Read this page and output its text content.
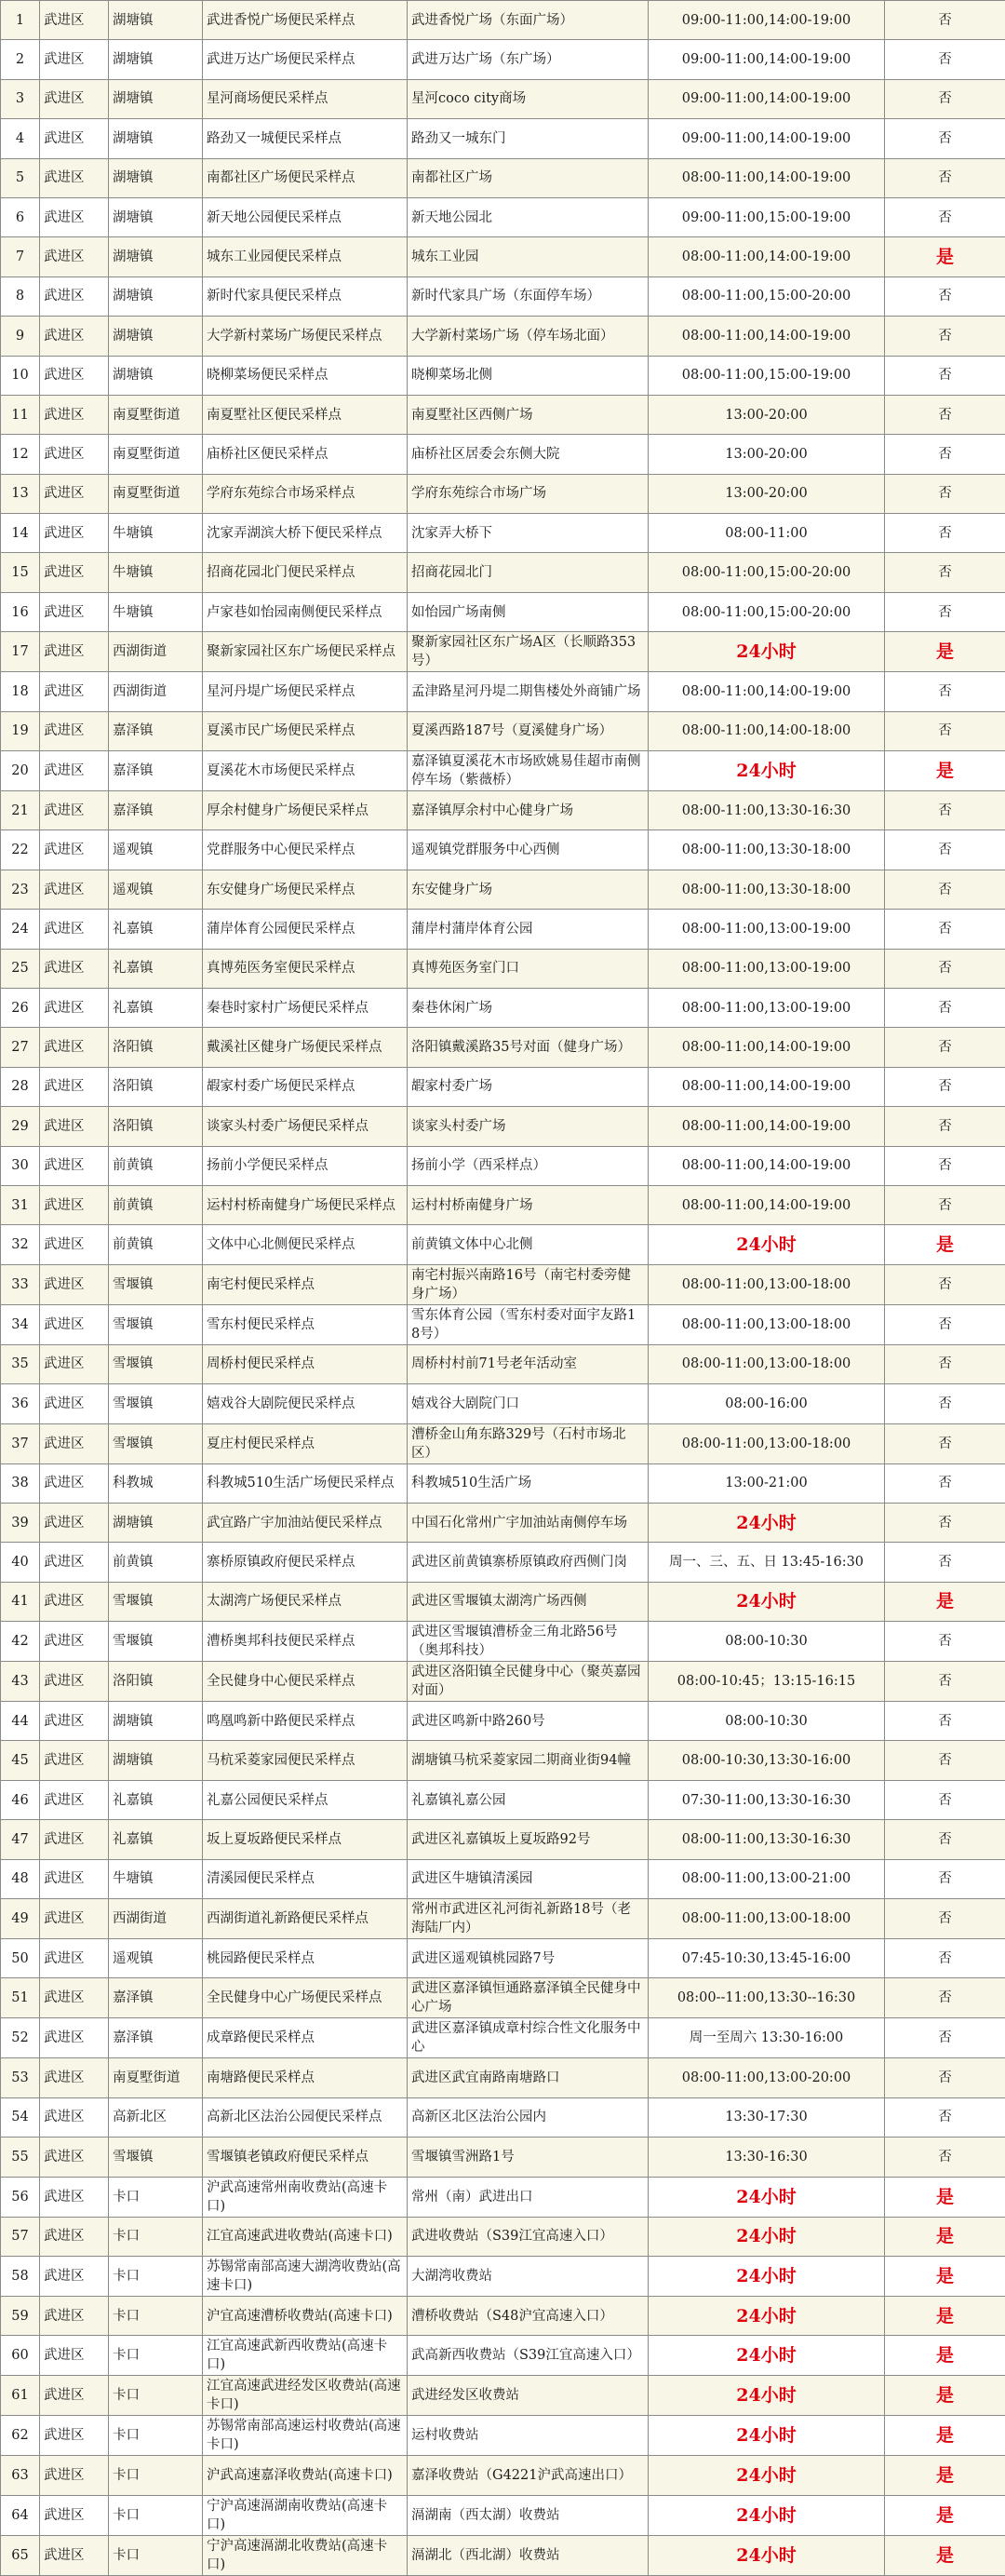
1	武进区	湖塘镇	武进香悦广场便民采样点	武进香悦广场（东面广场）	09:00-11:00,14:00-19:00	否
2	武进区	湖塘镇	武进万达广场便民采样点	武进万达广场（东广场）	09:00-11:00,14:00-19:00	否
3	武进区	湖塘镇	星河商场便民采样点	星河coco city商场	09:00-11:00,14:00-19:00	否
4	武进区	湖塘镇	路劲又一城便民采样点	路劲又一城东门	09:00-11:00,14:00-19:00	否
5	武进区	湖塘镇	南都社区广场便民采样点	南都社区广场	08:00-11:00,14:00-19:00	否
6	武进区	湖塘镇	新天地公园便民采样点	新天地公园北	09:00-11:00,15:00-19:00	否
7	武进区	湖塘镇	城东工业园便民采样点	城东工业园	08:00-11:00,14:00-19:00	是
8	武进区	湖塘镇	新时代家具便民采样点	新时代家具广场（东面停车场）	08:00-11:00,15:00-20:00	否
9	武进区	湖塘镇	大学新村菜场广场便民采样点	大学新村菜场广场（停车场北面）	08:00-11:00,14:00-19:00	否
10	武进区	湖塘镇	晓柳菜场便民采样点	晓柳菜场北侧	08:00-11:00,15:00-19:00	否
11	武进区	南夏墅街道	南夏墅社区便民采样点	南夏墅社区西侧广场	13:00-20:00	否
12	武进区	南夏墅街道	庙桥社区便民采样点	庙桥社区居委会东侧大院	13:00-20:00	否
13	武进区	南夏墅街道	学府东苑综合市场采样点	学府东苑综合市场广场	13:00-20:00	否
14	武进区	牛塘镇	沈家弄湖滨大桥下便民采样点	沈家弄大桥下	08:00-11:00	否
15	武进区	牛塘镇	招商花园北门便民采样点	招商花园北门	08:00-11:00,15:00-20:00	否
16	武进区	牛塘镇	卢家巷如怡园南侧便民采样点	如怡园广场南侧	08:00-11:00,15:00-20:00	否
17	武进区	西湖街道	聚新家园社区东广场便民采样点	聚新家园社区东广场A区（长顺路353号）	24小时	是
18	武进区	西湖街道	星河丹堤广场便民采样点	孟津路星河丹堤二期售楼处外商铺广场	08:00-11:00,14:00-19:00	否
19	武进区	嘉泽镇	夏溪市民广场便民采样点	夏溪西路187号（夏溪健身广场）	08:00-11:00,14:00-18:00	否
20	武进区	嘉泽镇	夏溪花木市场便民采样点	嘉泽镇夏溪花木市场欧姚易佳超市南侧停车场（紫薇桥）	24小时	是
21	武进区	嘉泽镇	厚余村健身广场便民采样点	嘉泽镇厚余村中心健身广场	08:00-11:00,13:30-16:30	否
22	武进区	遥观镇	党群服务中心便民采样点	遥观镇党群服务中心西侧	08:00-11:00,13:30-18:00	否
23	武进区	遥观镇	东安健身广场便民采样点	东安健身广场	08:00-11:00,13:30-18:00	否
24	武进区	礼嘉镇	蒲岸体育公园便民采样点	蒲岸村蒲岸体育公园	08:00-11:00,13:00-19:00	否
25	武进区	礼嘉镇	真博苑医务室便民采样点	真博苑医务室门口	08:00-11:00,13:00-19:00	否
26	武进区	礼嘉镇	秦巷时家村广场便民采样点	秦巷休闲广场	08:00-11:00,13:00-19:00	否
27	武进区	洛阳镇	戴溪社区健身广场便民采样点	洛阳镇戴溪路35号对面（健身广场）	08:00-11:00,14:00-19:00	否
28	武进区	洛阳镇	嘏家村委广场便民采样点	嘏家村委广场	08:00-11:00,14:00-19:00	否
29	武进区	洛阳镇	谈家头村委广场便民采样点	谈家头村委广场	08:00-11:00,14:00-19:00	否
30	武进区	前黄镇	扬前小学便民采样点	扬前小学（西采样点）	08:00-11:00,14:00-19:00	否
31	武进区	前黄镇	运村村桥南健身广场便民采样点	运村村桥南健身广场	08:00-11:00,14:00-19:00	否
32	武进区	前黄镇	文体中心北侧便民采样点	前黄镇文体中心北侧	24小时	是
33	武进区	雪堰镇	南宅村便民采样点	南宅村振兴南路16号（南宅村委旁健身广场）	08:00-11:00,13:00-18:00	否
34	武进区	雪堰镇	雪东村便民采样点	雪东体育公园（雪东村委对面宇友路18号）	08:00-11:00,13:00-18:00	否
35	武进区	雪堰镇	周桥村便民采样点	周桥村村前71号老年活动室	08:00-11:00,13:00-18:00	否
36	武进区	雪堰镇	嬉戏谷大剧院便民采样点	嬉戏谷大剧院门口	08:00-16:00	否
37	武进区	雪堰镇	夏庄村便民采样点	漕桥金山角东路329号（石村市场北区）	08:00-11:00,13:00-18:00	否
38	武进区	科教城	科教城510生活广场便民采样点	科教城510生活广场	13:00-21:00	否
39	武进区	湖塘镇	武宜路广宇加油站便民采样点	中国石化常州广宇加油站南侧停车场	24小时	否
40	武进区	前黄镇	寨桥原镇政府便民采样点	武进区前黄镇寨桥原镇政府西侧门岗	周一、三、五、日 13:45-16:30	否
41	武进区	雪堰镇	太湖湾广场便民采样点	武进区雪堰镇太湖湾广场西侧	24小时	是
42	武进区	雪堰镇	漕桥奥邦科技便民采样点	武进区雪堰镇漕桥金三角北路56号（奥邦科技）	08:00-10:30	否
43	武进区	洛阳镇	全民健身中心便民采样点	武进区洛阳镇全民健身中心（聚英嘉园对面）	08:00-10:45；13:15-16:15	否
44	武进区	湖塘镇	鸣凰鸣新中路便民采样点	武进区鸣新中路260号	08:00-10:30	否
45	武进区	湖塘镇	马杭采菱家园便民采样点	湖塘镇马杭采菱家园二期商业街94幢	08:00-10:30,13:30-16:00	否
46	武进区	礼嘉镇	礼嘉公园便民采样点	礼嘉镇礼嘉公园	07:30-11:00,13:30-16:30	否
47	武进区	礼嘉镇	坂上夏坂路便民采样点	武进区礼嘉镇坂上夏坂路92号	08:00-11:00,13:30-16:30	否
48	武进区	牛塘镇	清溪园便民采样点	武进区牛塘镇清溪园	08:00-11:00,13:00-21:00	否
49	武进区	西湖街道	西湖街道礼新路便民采样点	常州市武进区礼河街礼新路18号（老海陆厂内）	08:00-11:00,13:00-18:00	否
50	武进区	遥观镇	桃园路便民采样点	武进区遥观镇桃园路7号	07:45-10:30,13:45-16:00	否
51	武进区	嘉泽镇	全民健身中心广场便民采样点	武进区嘉泽镇恒通路嘉泽镇全民健身中心广场	08:00--11:00,13:30--16:30	否
52	武进区	嘉泽镇	成章路便民采样点	武进区嘉泽镇成章村综合性文化服务中心	周一至周六 13:30-16:00	否
53	武进区	南夏墅街道	南塘路便民采样点	武进区武宜南路南塘路口	08:00-11:00,13:00-20:00	否
54	武进区	高新北区	高新北区法治公园便民采样点	高新区北区法治公园内	13:30-17:30	否
55	武进区	雪堰镇	雪堰镇老镇政府便民采样点	雪堰镇雪洲路1号	13:30-16:30	否
56	武进区	卡口	沪武高速常州南收费站(高速卡口)	常州（南）武进出口	24小时	是
57	武进区	卡口	江宜高速武进收费站(高速卡口)	武进收费站（S39江宜高速入口）	24小时	是
58	武进区	卡口	苏锡常南部高速大湖湾收费站(高速卡口)	大湖湾收费站	24小时	是
59	武进区	卡口	沪宜高速漕桥收费站(高速卡口)	漕桥收费站（S48沪宜高速入口）	24小时	是
60	武进区	卡口	江宜高速武新西收费站(高速卡口)	武高新西收费站（S39江宜高速入口）	24小时	是
61	武进区	卡口	江宜高速武进经发区收费站(高速卡口)	武进经发区收费站	24小时	是
62	武进区	卡口	苏锡常南部高速运村收费站(高速卡口)	运村收费站	24小时	是
63	武进区	卡口	沪武高速嘉泽收费站(高速卡口)	嘉泽收费站（G4221沪武高速出口）	24小时	是
64	武进区	卡口	宁沪高速滆湖南收费站(高速卡口)	滆湖南（西太湖）收费站	24小时	是
65	武进区	卡口	宁沪高速滆湖北收费站(高速卡口)	滆湖北（西北湖）收费站	24小时	是
